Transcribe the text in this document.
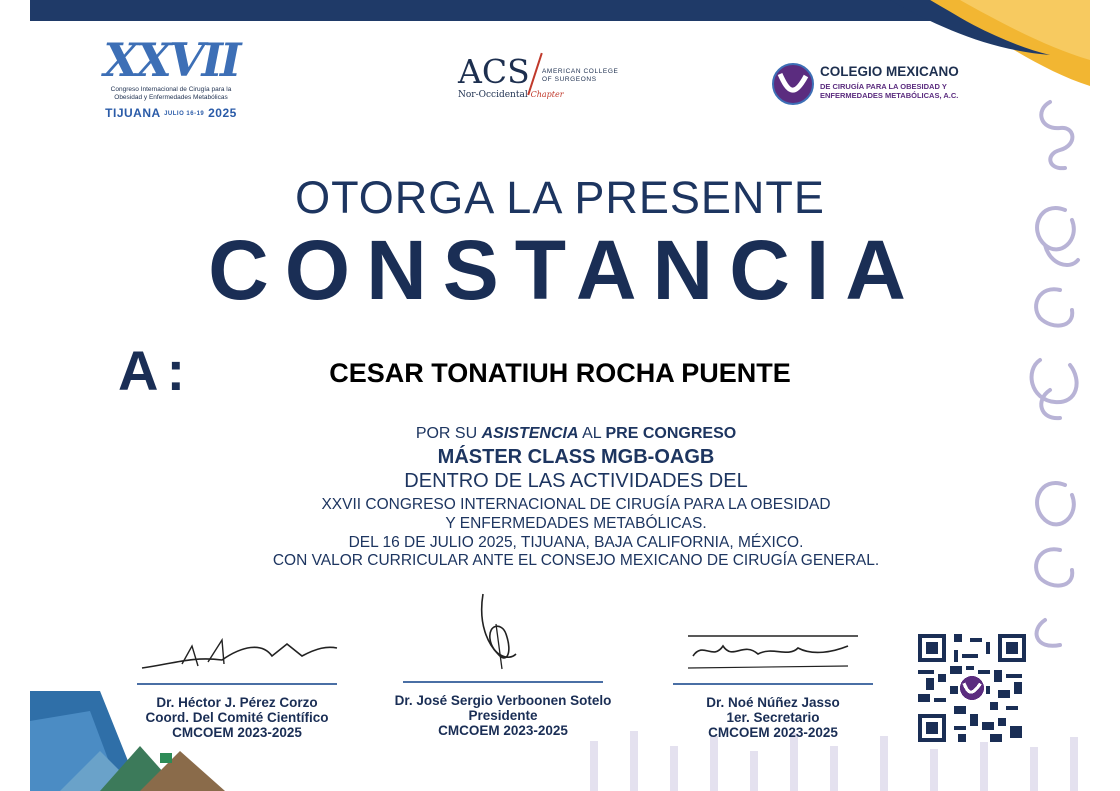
XXVII
Congreso Internacional de Cirugía para la
Obesidad y Enfermedades Metabólicas
TIJUANA JULIO 16-19 2025
ACS AMERICAN COLLEGE
OF SURGEONS
Nor-Occidental Chapter
COLEGIO MEXICANO
DE CIRUGÍA PARA LA OBESIDAD Y
ENFERMEDADES METABÓLICAS, A.C.
OTORGA LA PRESENTE
CONSTANCIA
A:	CESAR TONATIUH ROCHA PUENTE
POR SU ASISTENCIA AL PRE CONGRESO
MÁSTER CLASS MGB-OAGB
DENTRO DE LAS ACTIVIDADES DEL
XXVII CONGRESO INTERNACIONAL DE CIRUGÍA PARA LA OBESIDAD
Y ENFERMEDADES METABÓLICAS.
DEL 16 DE JULIO 2025, TIJUANA, BAJA CALIFORNIA, MÉXICO.
CON VALOR CURRICULAR ANTE EL CONSEJO MEXICANO DE CIRUGÍA GENERAL.
Dr. Héctor J. Pérez Corzo
Coord. Del Comité Científico
CMCOEM 2023-2025
Dr. José Sergio Verboonen Sotelo
Presidente
CMCOEM 2023-2025
Dr. Noé Núñez Jasso
1er. Secretario
CMCOEM 2023-2025
